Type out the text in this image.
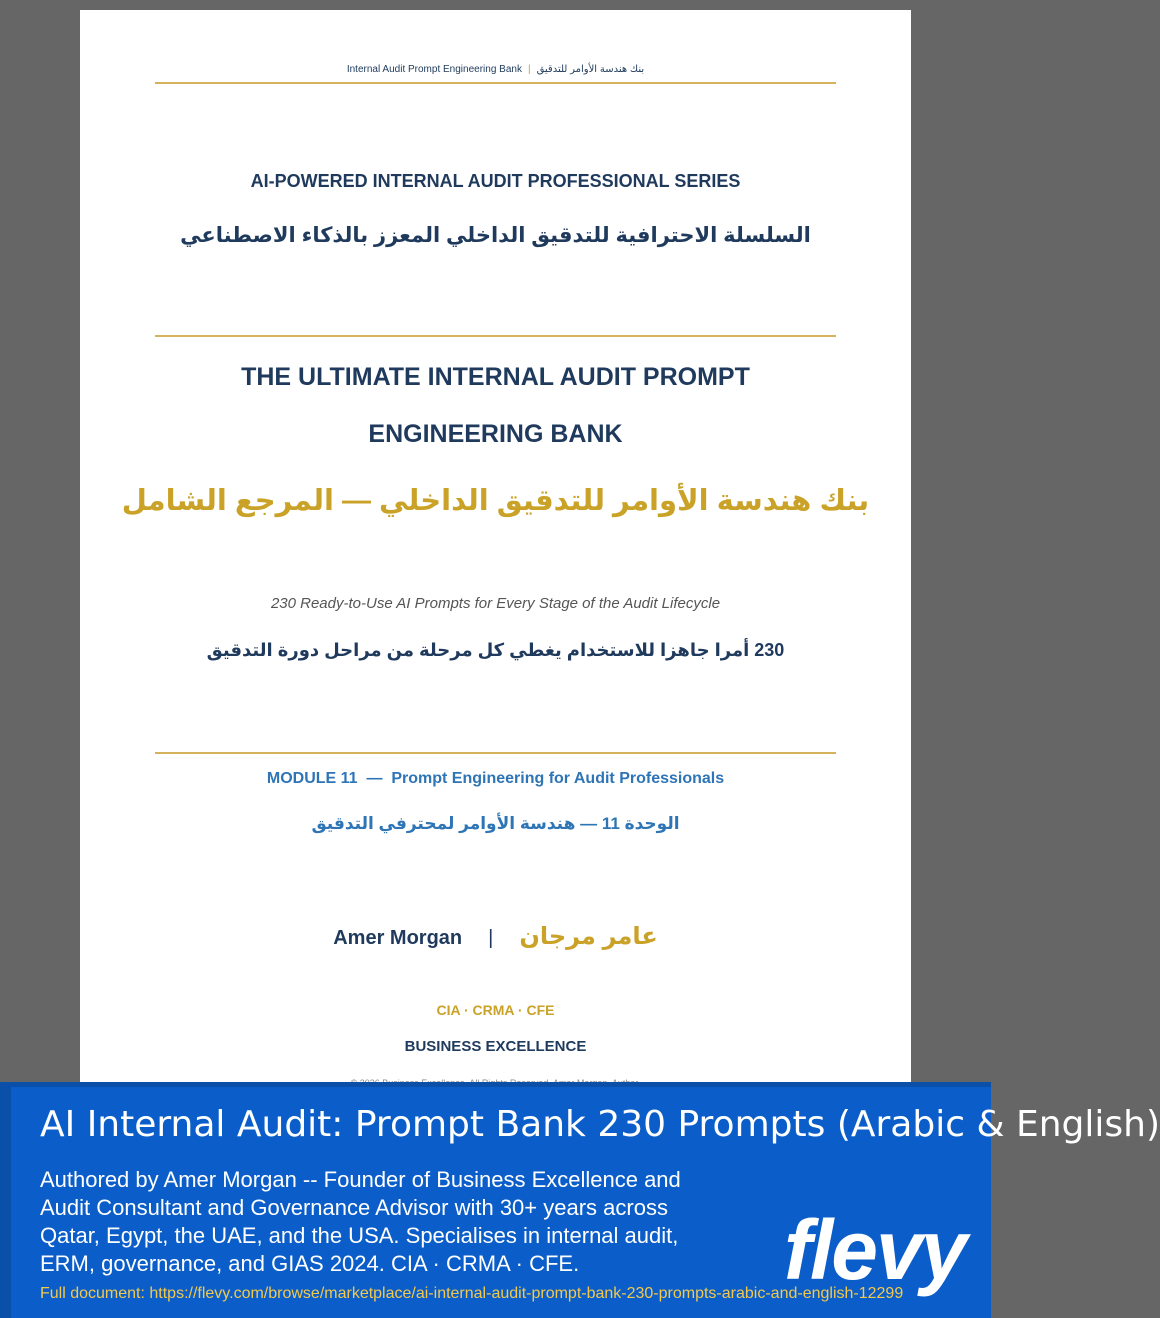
Internal Audit Prompt Engineering Bank | بنك هندسة الأوامر للتدقيق
AI-POWERED INTERNAL AUDIT PROFESSIONAL SERIES
السلسلة الاحترافية للتدقيق الداخلي المعزز بالذكاء الاصطناعي
THE ULTIMATE INTERNAL AUDIT PROMPT ENGINEERING BANK
بنك هندسة الأوامر للتدقيق الداخلي — المرجع الشامل
230 Ready-to-Use AI Prompts for Every Stage of the Audit Lifecycle
230 أمرا جاهزا للاستخدام يغطي كل مرحلة من مراحل دورة التدقيق
MODULE 11  —  Prompt Engineering for Audit Professionals
الوحدة 11 — هندسة الأوامر لمحترفي التدقيق
Amer Morgan | عامر مرجان
CIA · CRMA · CFE
BUSINESS EXCELLENCE
AI Internal Audit: Prompt Bank 230 Prompts (Arabic & English)
Authored by Amer Morgan -- Founder of Business Excellence and Audit Consultant and Governance Advisor with 30+ years across Qatar, Egypt, the UAE, and the USA. Specialises in internal audit, ERM, governance, and GIAS 2024. CIA · CRMA · CFE.	flevy
Full document: https://flevy.com/browse/marketplace/ai-internal-audit-prompt-bank-230-prompts-arabic-and-english-12299
